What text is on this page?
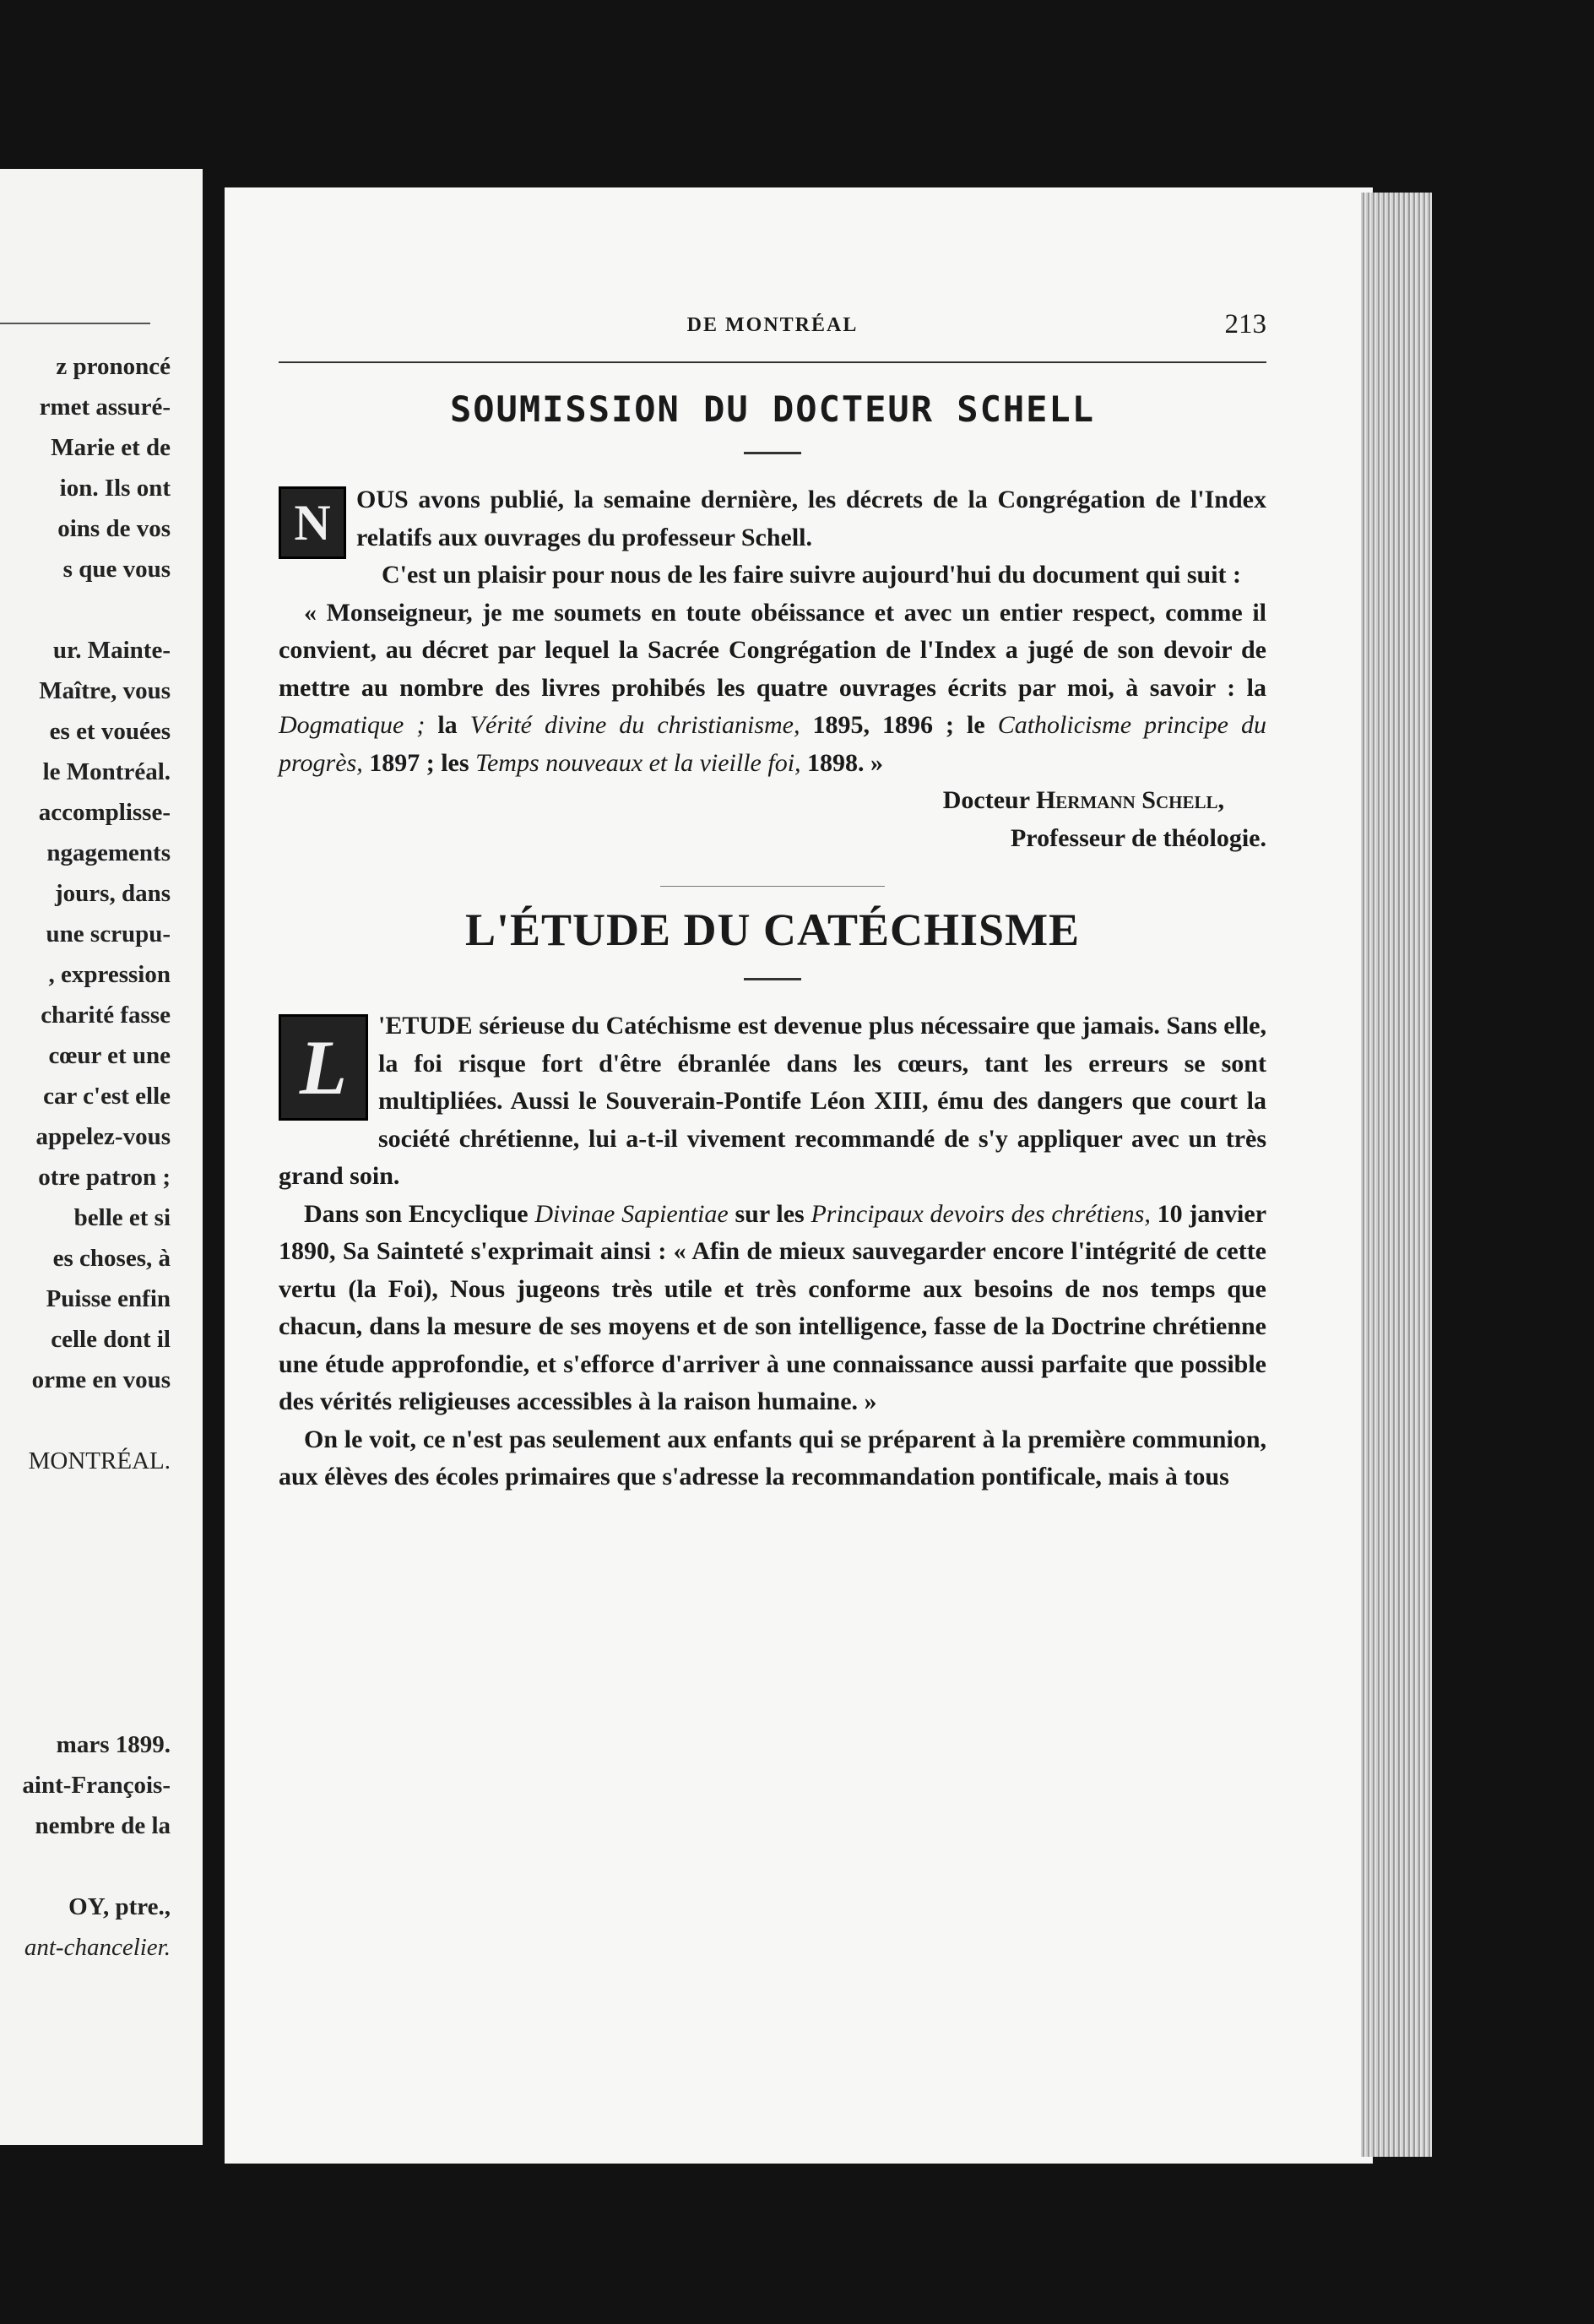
z prononcé
rmet assuré-
Marie et de
ion. Ils ont
oins de vos
s que vous
ur. Mainte-
Maître, vous
es et vouées
le Montréal.
accomplisse-
ngagements
jours, dans
une scrupu-
, expression
charité fasse
cœur et une
car c'est elle
appelez-vous
otre patron ;
belle et si
es choses, à
Puisse enfin
celle dont il
orme en vous
MONTRÉAL.
mars 1899.
aint-François-
nembre de la
OY, ptre.,
ant-chancelier.
DE MONTRÉAL	213
SOUMISSION DU DOCTEUR SCHELL

N	OUS avons publié, la semaine dernière, les décrets de la Congrégation de l'Index relatifs aux ouvrages du professeur Schell.

C'est un plaisir pour nous de les faire suivre aujourd'hui du document qui suit :

« Monseigneur, je me soumets en toute obéissance et avec un entier respect, comme il convient, au décret par lequel la Sacrée Congrégation de l'Index a jugé de son devoir de mettre au nombre des livres prohibés les quatre ouvrages écrits par moi, à savoir : la Dogmatique ; la Vérité divine du christianisme, 1895, 1896 ; le Catholicisme principe du progrès, 1897 ; les Temps nouveaux et la vieille foi, 1898. »

Docteur Hermann Schell,

Professeur de théologie.

L'ÉTUDE DU CATÉCHISME

L	'ETUDE sérieuse du Catéchisme est devenue plus nécessaire que jamais. Sans elle, la foi risque fort d'être ébranlée dans les cœurs, tant les erreurs se sont multipliées. Aussi le Souverain-Pontife Léon XIII, ému des dangers que court la société chrétienne, lui a-t-il vivement recommandé de s'y appliquer avec un très grand soin.

Dans son Encyclique Divinae Sapientiae sur les Principaux devoirs des chrétiens, 10 janvier 1890, Sa Sainteté s'exprimait ainsi : « Afin de mieux sauvegarder encore l'intégrité de cette vertu (la Foi), Nous jugeons très utile et très conforme aux besoins de nos temps que chacun, dans la mesure de ses moyens et de son intelligence, fasse de la Doctrine chrétienne une étude approfondie, et s'efforce d'arriver à une connaissance aussi parfaite que possible des vérités religieuses accessibles à la raison humaine. »

On le voit, ce n'est pas seulement aux enfants qui se préparent à la première communion, aux élèves des écoles primaires que s'adresse la recommandation pontificale, mais à tous
